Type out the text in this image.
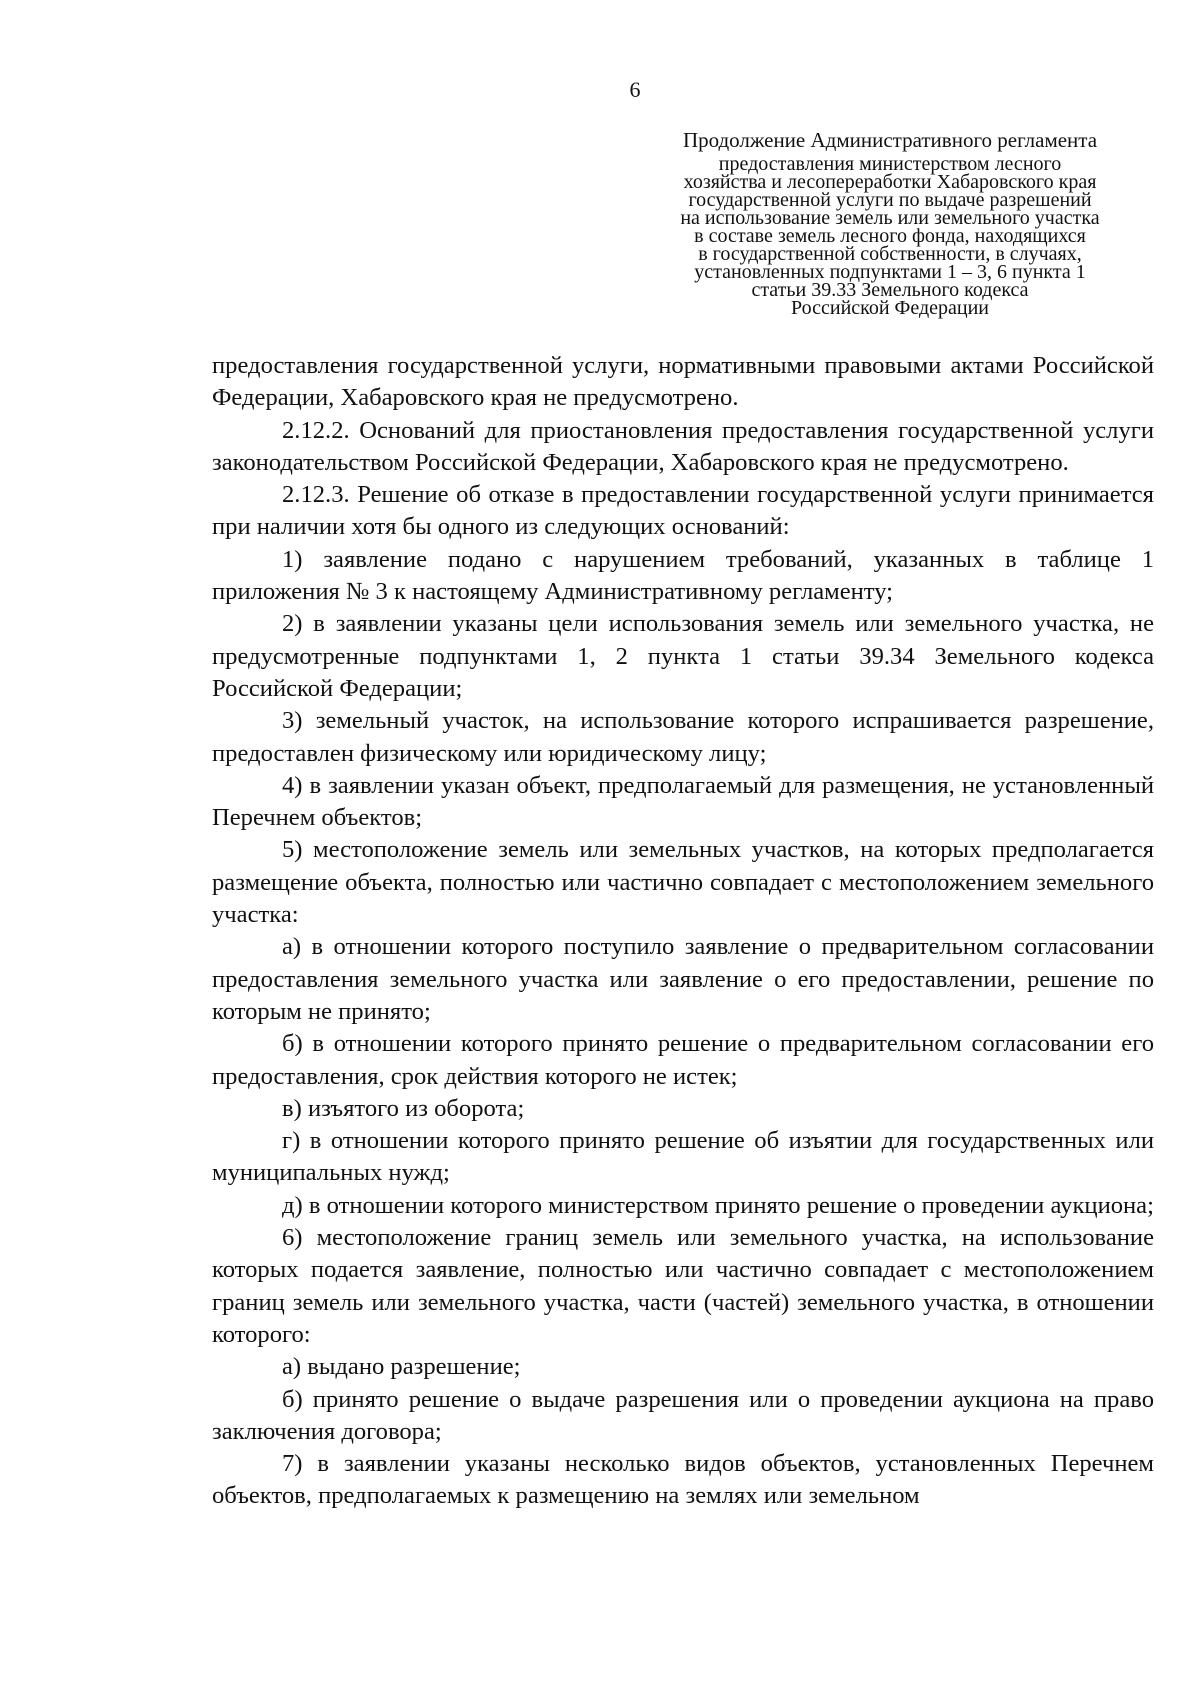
6
Продолжение Административного регламента
предоставления министерством лесного
хозяйства и лесопереработки Хабаровского края
государственной услуги по выдаче разрешений
на использование земель или земельного участка
в составе земель лесного фонда, находящихся
в государственной собственности, в случаях,
установленных подпунктами 1 – 3, 6 пункта 1
статьи 39.33 Земельного кодекса
Российской Федерации

предоставления государственной услуги, нормативными правовыми актами Российской Федерации, Хабаровского края не предусмотрено.

2.12.2. Оснований для приостановления предоставления государственной услуги законодательством Российской Федерации, Хабаровского края не предусмотрено.

2.12.3. Решение об отказе в предоставлении государственной услуги принимается при наличии хотя бы одного из следующих оснований:

1) заявление подано с нарушением требований, указанных в таблице 1 приложения № 3 к настоящему Административному регламенту;

2) в заявлении указаны цели использования земель или земельного участка, не предусмотренные подпунктами 1, 2 пункта 1 статьи 39.34 Земельного кодекса Российской Федерации;

3) земельный участок, на использование которого испрашивается разрешение, предоставлен физическому или юридическому лицу;

4) в заявлении указан объект, предполагаемый для размещения, не установленный Перечнем объектов;

5) местоположение земель или земельных участков, на которых предполагается размещение объекта, полностью или частично совпадает с местоположением земельного участка:

а) в отношении которого поступило заявление о предварительном согласовании предоставления земельного участка или заявление о его предоставлении, решение по которым не принято;

б) в отношении которого принято решение о предварительном согласовании его предоставления, срок действия которого не истек;

в) изъятого из оборота;

г) в отношении которого принято решение об изъятии для государственных или муниципальных нужд;

д) в отношении которого министерством принято решение о проведении аукциона;

6) местоположение границ земель или земельного участка, на использование которых подается заявление, полностью или частично совпадает с местоположением границ земель или земельного участка, части (частей) земельного участка, в отношении которого:

а) выдано разрешение;

б) принято решение о выдаче разрешения или о проведении аукциона на право заключения договора;

7) в заявлении указаны несколько видов объектов, установленных Перечнем объектов, предполагаемых к размещению на землях или земельном
